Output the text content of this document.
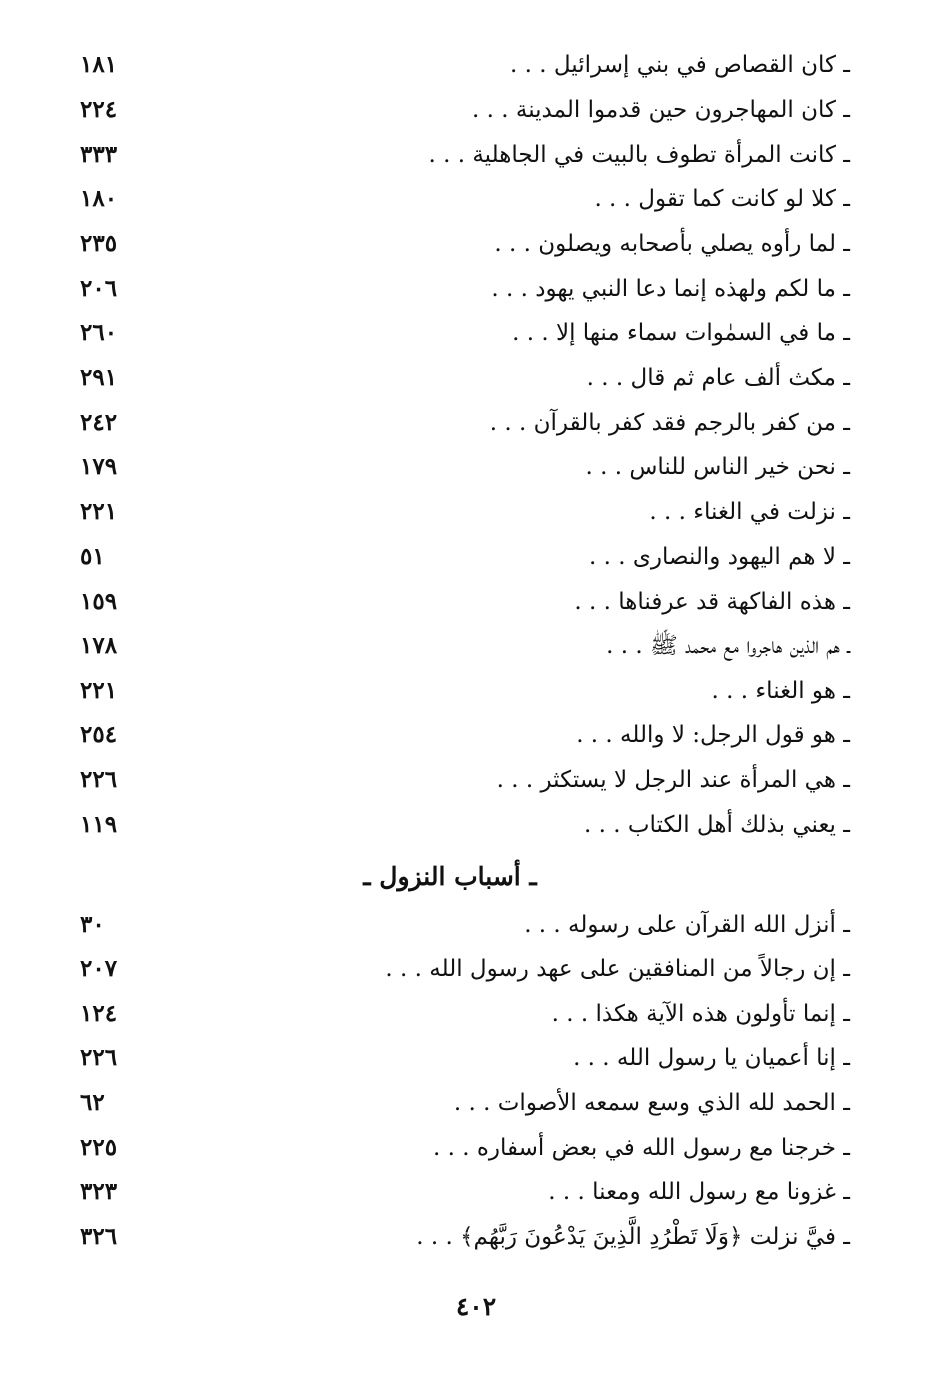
ـ كان القصاص في بني إسرائيل . . .
١٨١
ـ كان المهاجرون حين قدموا المدينة . . .
٢٢٤
ـ كانت المرأة تطوف بالبيت في الجاهلية . . .
٣٣٣
ـ كلا لو كانت كما تقول . . .
١٨٠
ـ لما رأوه يصلي بأصحابه ويصلون . . .
٢٣٥
ـ ما لكم ولهذه إنما دعا النبي يهود . . .
٢٠٦
ـ ما في السمٰوات سماء منها إلا . . .
٢٦٠
ـ مكث ألف عام ثم قال . . .
٢٩١
ـ من كفر بالرجم فقد كفر بالقرآن . . .
٢٤٢
ـ نحن خير الناس للناس . . .
١٧٩
ـ نزلت في الغناء . . .
٢٢١
ـ لا هم اليهود والنصارى . . .
٥١
ـ هذه الفاكهة قد عرفناها . . .
١٥٩
ـ هم الذين هاجروا مع محمد ﷺ . . .
١٧٨
ـ هو الغناء . . .
٢٢١
ـ هو قول الرجل: لا والله . . .
٢٥٤
ـ هي المرأة عند الرجل لا يستكثر . . .
٢٢٦
ـ يعني بذلك أهل الكتاب . . .
١١٩
ـ أسباب النزول ـ
ـ أنزل الله القرآن على رسوله . . .
٣٠
ـ إن رجالاً من المنافقين على عهد رسول الله . . .
٢٠٧
ـ إنما تأولون هذه الآية هكذا . . .
١٢٤
ـ إنا أعميان يا رسول الله . . .
٢٢٦
ـ الحمد لله الذي وسع سمعه الأصوات . . .
٦٢
ـ خرجنا مع رسول الله في بعض أسفاره . . .
٢٢٥
ـ غزونا مع رسول الله ومعنا . . .
٣٢٣
ـ فيَّ نزلت ﴿وَلَا تَطْرُدِ الَّذِينَ يَدْعُونَ رَبَّهُم﴾ . . .
٣٢٦
٤٠٢
